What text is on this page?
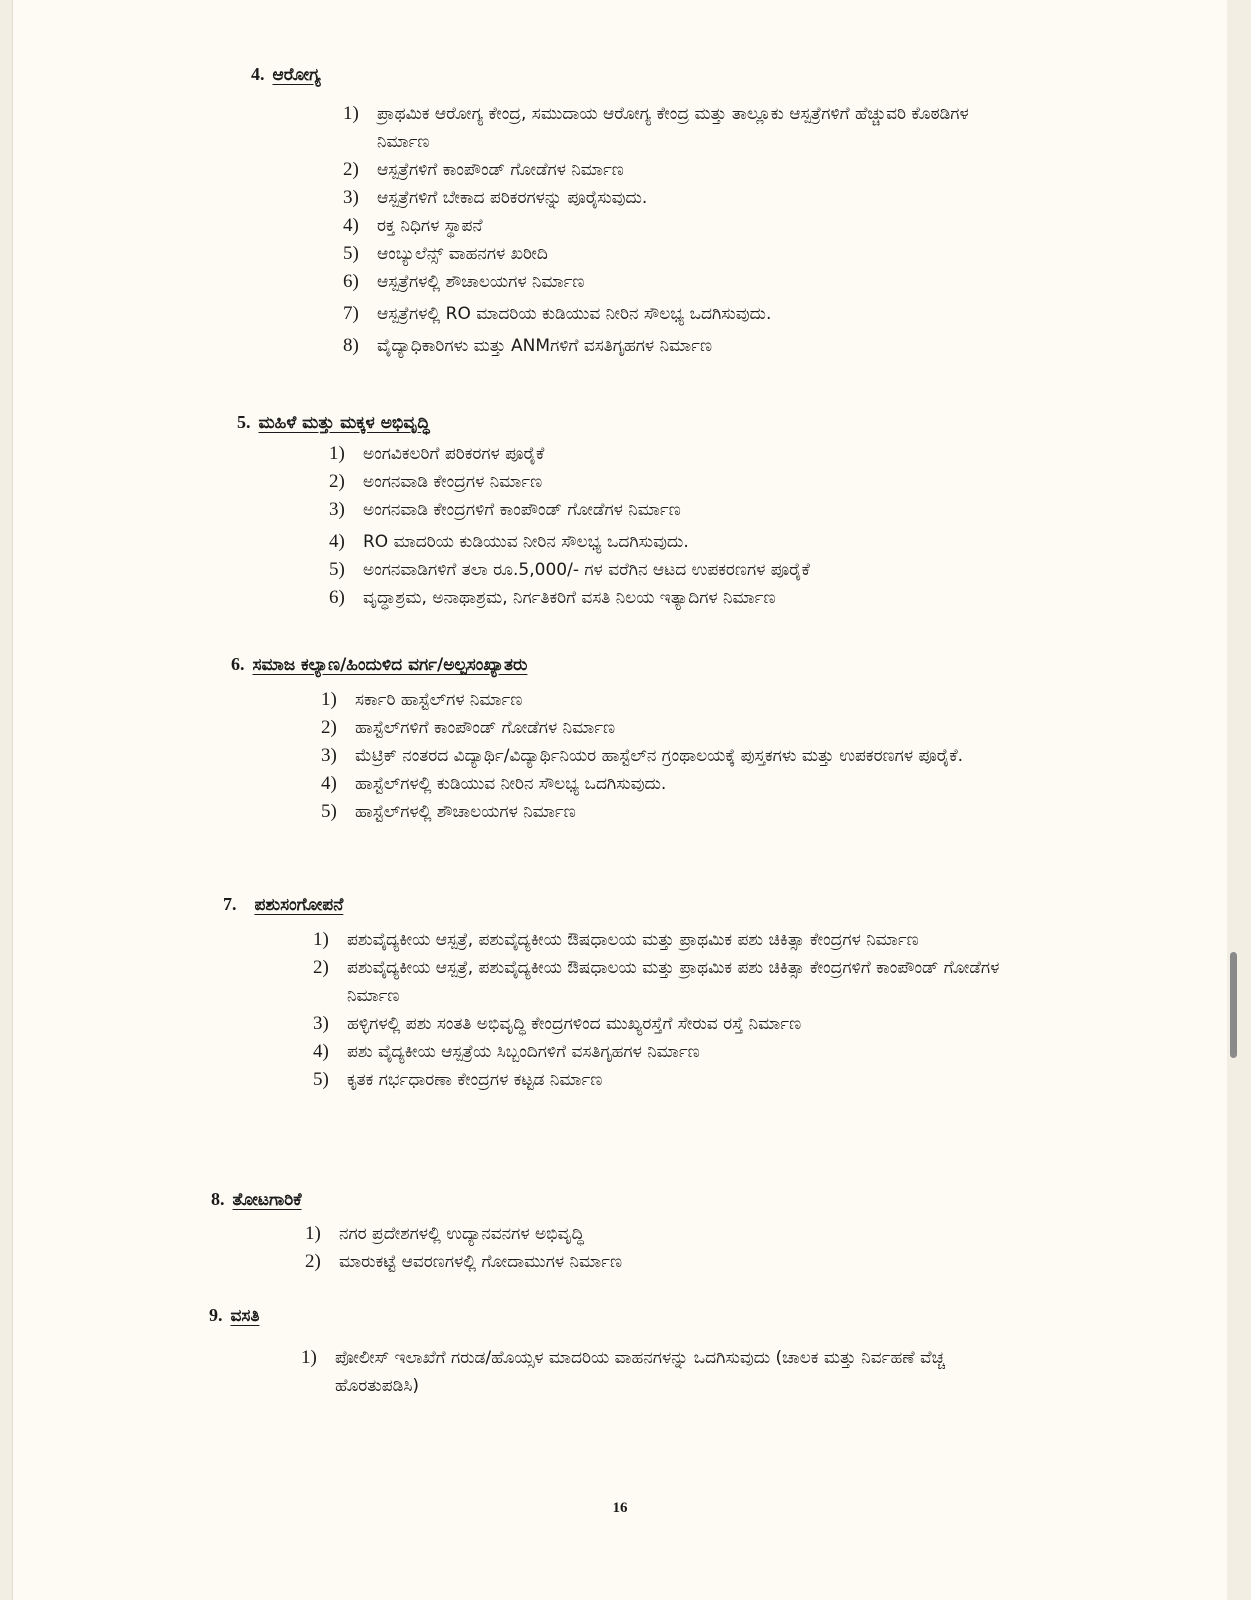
4. ಆರೋಗ್ಯ
1)	ಪ್ರಾಥಮಿಕ ಆರೋಗ್ಯ ಕೇಂದ್ರ, ಸಮುದಾಯ ಆರೋಗ್ಯ ಕೇಂದ್ರ ಮತ್ತು ತಾಲ್ಲೂಕು ಆಸ್ಪತ್ರೆಗಳಿಗೆ ಹೆಚ್ಚುವರಿ ಕೊಠಡಿಗಳ ನಿರ್ಮಾಣ
2)	ಆಸ್ಪತ್ರೆಗಳಿಗೆ ಕಾಂಪೌಂಡ್ ಗೋಡೆಗಳ ನಿರ್ಮಾಣ
3)	ಆಸ್ಪತ್ರೆಗಳಿಗೆ ಬೇಕಾದ ಪರಿಕರಗಳನ್ನು ಪೂರೈಸುವುದು.
4)	ರಕ್ತ ನಿಧಿಗಳ ಸ್ಥಾಪನೆ
5)	ಆಂಬ್ಯುಲೆನ್ಸ್ ವಾಹನಗಳ ಖರೀದಿ
6)	ಆಸ್ಪತ್ರೆಗಳಲ್ಲಿ ಶೌಚಾಲಯಗಳ ನಿರ್ಮಾಣ
7)	ಆಸ್ಪತ್ರೆಗಳಲ್ಲಿ RO ಮಾದರಿಯ ಕುಡಿಯುವ ನೀರಿನ ಸೌಲಭ್ಯ ಒದಗಿಸುವುದು.
8)	ವೈದ್ಯಾಧಿಕಾರಿಗಳು ಮತ್ತು ANMಗಳಿಗೆ ವಸತಿಗೃಹಗಳ ನಿರ್ಮಾಣ
5. ಮಹಿಳೆ ಮತ್ತು ಮಕ್ಕಳ ಅಭಿವೃದ್ಧಿ
1)	ಅಂಗವಿಕಲರಿಗೆ ಪರಿಕರಗಳ ಪೂರೈಕೆ
2)	ಅಂಗನವಾಡಿ ಕೇಂದ್ರಗಳ ನಿರ್ಮಾಣ
3)	ಅಂಗನವಾಡಿ ಕೇಂದ್ರಗಳಿಗೆ ಕಾಂಪೌಂಡ್ ಗೋಡೆಗಳ ನಿರ್ಮಾಣ
4)	RO ಮಾದರಿಯ ಕುಡಿಯುವ ನೀರಿನ ಸೌಲಭ್ಯ ಒದಗಿಸುವುದು.
5)	ಅಂಗನವಾಡಿಗಳಿಗೆ ತಲಾ ರೂ.5,000/- ಗಳ ವರೆಗಿನ ಆಟದ ಉಪಕರಣಗಳ ಪೂರೈಕೆ
6)	ವೃದ್ಧಾಶ್ರಮ, ಅನಾಥಾಶ್ರಮ, ನಿರ್ಗತಿಕರಿಗೆ ವಸತಿ ನಿಲಯ ಇತ್ಯಾದಿಗಳ ನಿರ್ಮಾಣ
6. ಸಮಾಜ ಕಲ್ಯಾಣ/ಹಿಂದುಳಿದ ವರ್ಗ/ಅಲ್ಪಸಂಖ್ಯಾತರು
1)	ಸರ್ಕಾರಿ ಹಾಸ್ಟೆಲ್‌ಗಳ ನಿರ್ಮಾಣ
2)	ಹಾಸ್ಟೆಲ್‌ಗಳಿಗೆ ಕಾಂಪೌಂಡ್ ಗೋಡೆಗಳ ನಿರ್ಮಾಣ
3)	ಮೆಟ್ರಿಕ್ ನಂತರದ ವಿದ್ಯಾರ್ಥಿ/ವಿದ್ಯಾರ್ಥಿನಿಯರ ಹಾಸ್ಟೆಲ್‌ನ ಗ್ರಂಥಾಲಯಕ್ಕೆ ಪುಸ್ತಕಗಳು ಮತ್ತು ಉಪಕರಣಗಳ ಪೂರೈಕೆ.
4)	ಹಾಸ್ಟೆಲ್‌ಗಳಲ್ಲಿ ಕುಡಿಯುವ ನೀರಿನ ಸೌಲಭ್ಯ ಒದಗಿಸುವುದು.
5)	ಹಾಸ್ಟೆಲ್‌ಗಳಲ್ಲಿ ಶೌಚಾಲಯಗಳ ನಿರ್ಮಾಣ
7. ಪಶುಸಂಗೋಪನೆ
1)	ಪಶುವೈದ್ಯಕೀಯ ಆಸ್ಪತ್ರೆ, ಪಶುವೈದ್ಯಕೀಯ ಔಷಧಾಲಯ ಮತ್ತು ಪ್ರಾಥಮಿಕ ಪಶು ಚಿಕಿತ್ಸಾ ಕೇಂದ್ರಗಳ ನಿರ್ಮಾಣ
2)	ಪಶುವೈದ್ಯಕೀಯ ಆಸ್ಪತ್ರೆ, ಪಶುವೈದ್ಯಕೀಯ ಔಷಧಾಲಯ ಮತ್ತು ಪ್ರಾಥಮಿಕ ಪಶು ಚಿಕಿತ್ಸಾ ಕೇಂದ್ರಗಳಿಗೆ ಕಾಂಪೌಂಡ್ ಗೋಡೆಗಳ ನಿರ್ಮಾಣ
3)	ಹಳ್ಳಿಗಳಲ್ಲಿ ಪಶು ಸಂತತಿ ಅಭಿವೃದ್ಧಿ ಕೇಂದ್ರಗಳಿಂದ ಮುಖ್ಯರಸ್ತೆಗೆ ಸೇರುವ ರಸ್ತೆ ನಿರ್ಮಾಣ
4)	ಪಶು ವೈದ್ಯಕೀಯ ಆಸ್ಪತ್ರೆಯ ಸಿಬ್ಬಂದಿಗಳಿಗೆ ವಸತಿಗೃಹಗಳ ನಿರ್ಮಾಣ
5)	ಕೃತಕ ಗರ್ಭಧಾರಣಾ ಕೇಂದ್ರಗಳ ಕಟ್ಟಡ ನಿರ್ಮಾಣ
8. ತೋಟಗಾರಿಕೆ
1)	ನಗರ ಪ್ರದೇಶಗಳಲ್ಲಿ ಉದ್ಯಾನವನಗಳ ಅಭಿವೃದ್ಧಿ
2)	ಮಾರುಕಟ್ಟೆ ಆವರಣಗಳಲ್ಲಿ ಗೋದಾಮುಗಳ ನಿರ್ಮಾಣ
9. ವಸತಿ
1)	ಪೋಲೀಸ್ ಇಲಾಖೆಗೆ ಗರುಡ/ಹೊಯ್ಸಳ ಮಾದರಿಯ ವಾಹನಗಳನ್ನು ಒದಗಿಸುವುದು (ಚಾಲಕ ಮತ್ತು ನಿರ್ವಹಣೆ ವೆಚ್ಚ ಹೊರತುಪಡಿಸಿ)
16
